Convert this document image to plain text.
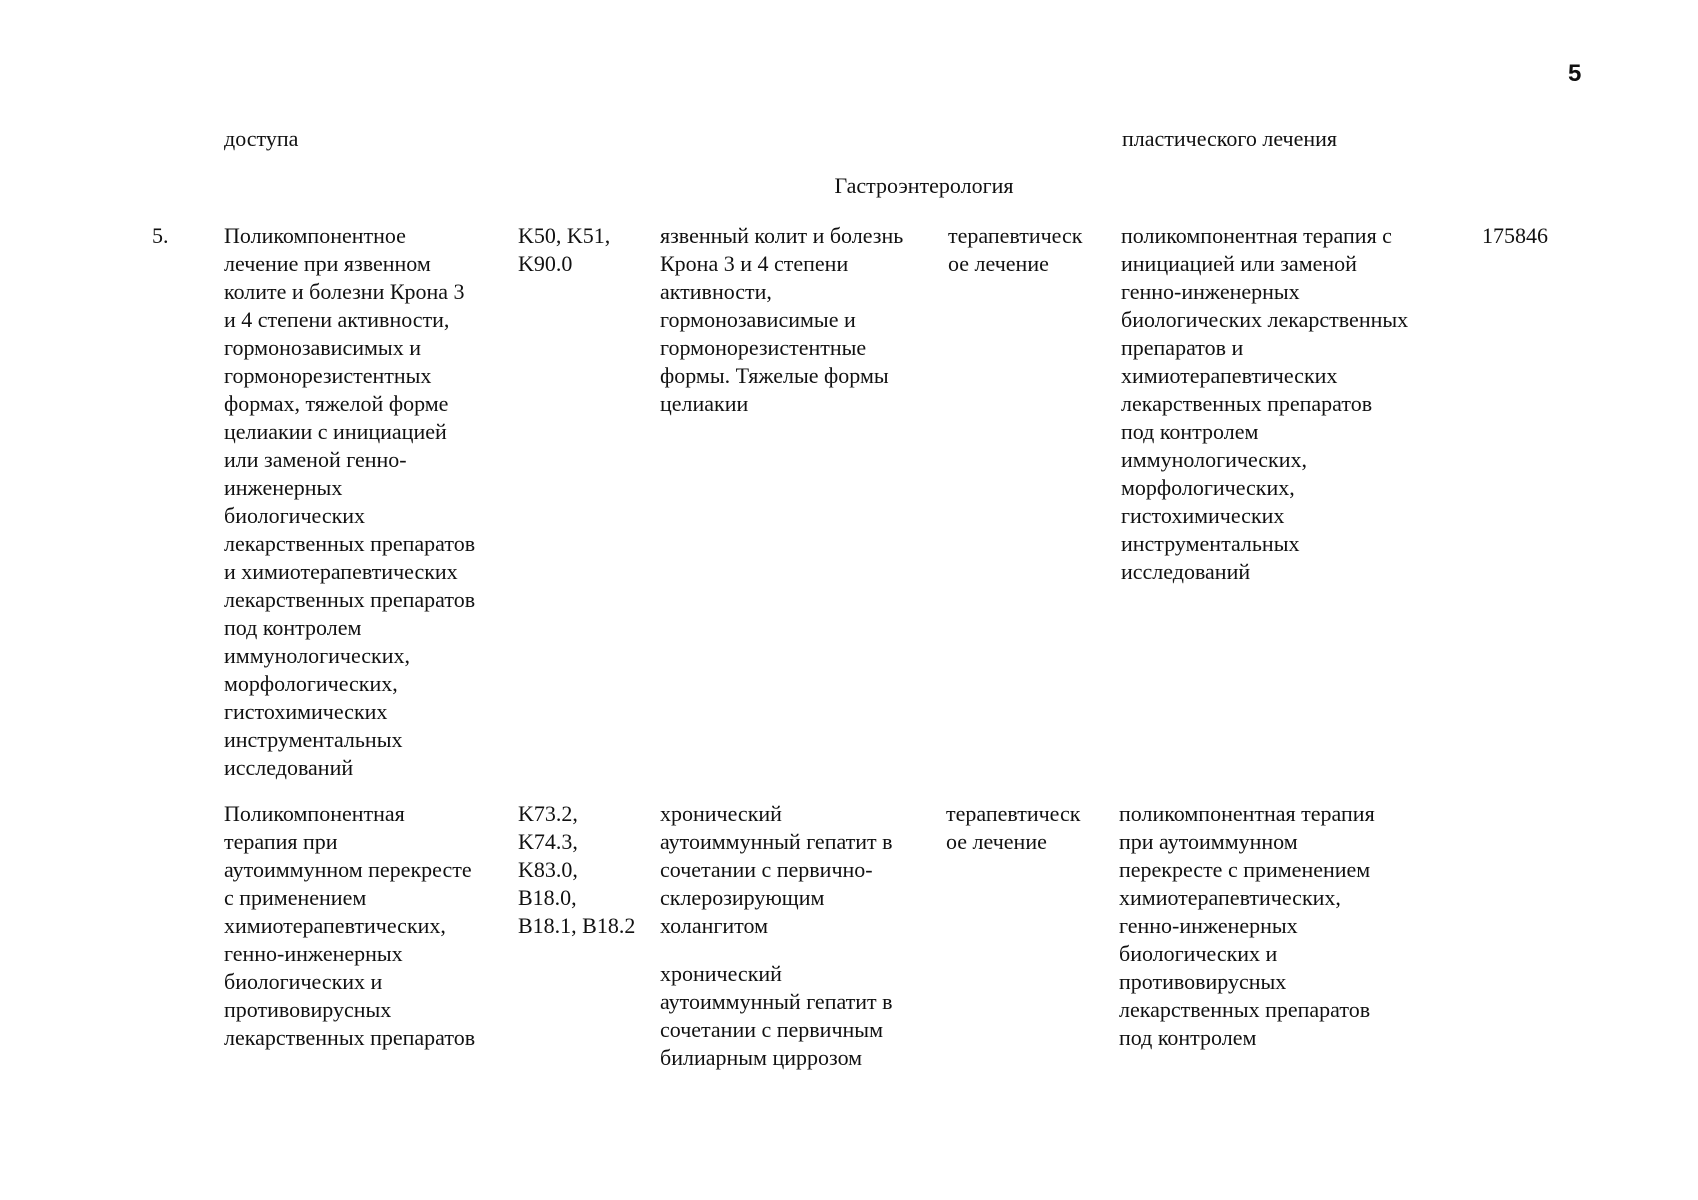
5
доступа	пластического лечения
Гастроэнтерология
5.	Поликомпонентное
лечение при язвенном
колите и болезни Крона 3
и 4 степени активности,
гормонозависимых и
гормонорезистентных
формах, тяжелой форме
целиакии с инициацией
или заменой генно-
инженерных
биологических
лекарственных препаратов
и химиотерапевтических
лекарственных препаратов
под контролем
иммунологических,
морфологических,
гистохимических
инструментальных
исследований
K50, K51,
K90.0
язвенный колит и болезнь
Крона 3 и 4 степени
активности,
гормонозависимые и
гормонорезистентные
формы. Тяжелые формы
целиакии
терапевтическ
ое лечение
поликомпонентная терапия с
инициацией или заменой
генно-инженерных
биологических лекарственных
препаратов и
химиотерапевтических
лекарственных препаратов
под контролем
иммунологических,
морфологических,
гистохимических
инструментальных
исследований
175846
Поликомпонентная
терапия при
аутоиммунном перекресте
с применением
химиотерапевтических,
генно-инженерных
биологических и
противовирусных
лекарственных препаратов
K73.2,
K74.3,
K83.0,
B18.0,
B18.1, B18.2
хронический
аутоиммунный гепатит в
сочетании с первично-
склерозирующим
холангитом
хронический
аутоиммунный гепатит в
сочетании с первичным
билиарным циррозом
терапевтическ
ое лечение
поликомпонентная терапия
при аутоиммунном
перекресте с применением
химиотерапевтических,
генно-инженерных
биологических и
противовирусных
лекарственных препаратов
под контролем
